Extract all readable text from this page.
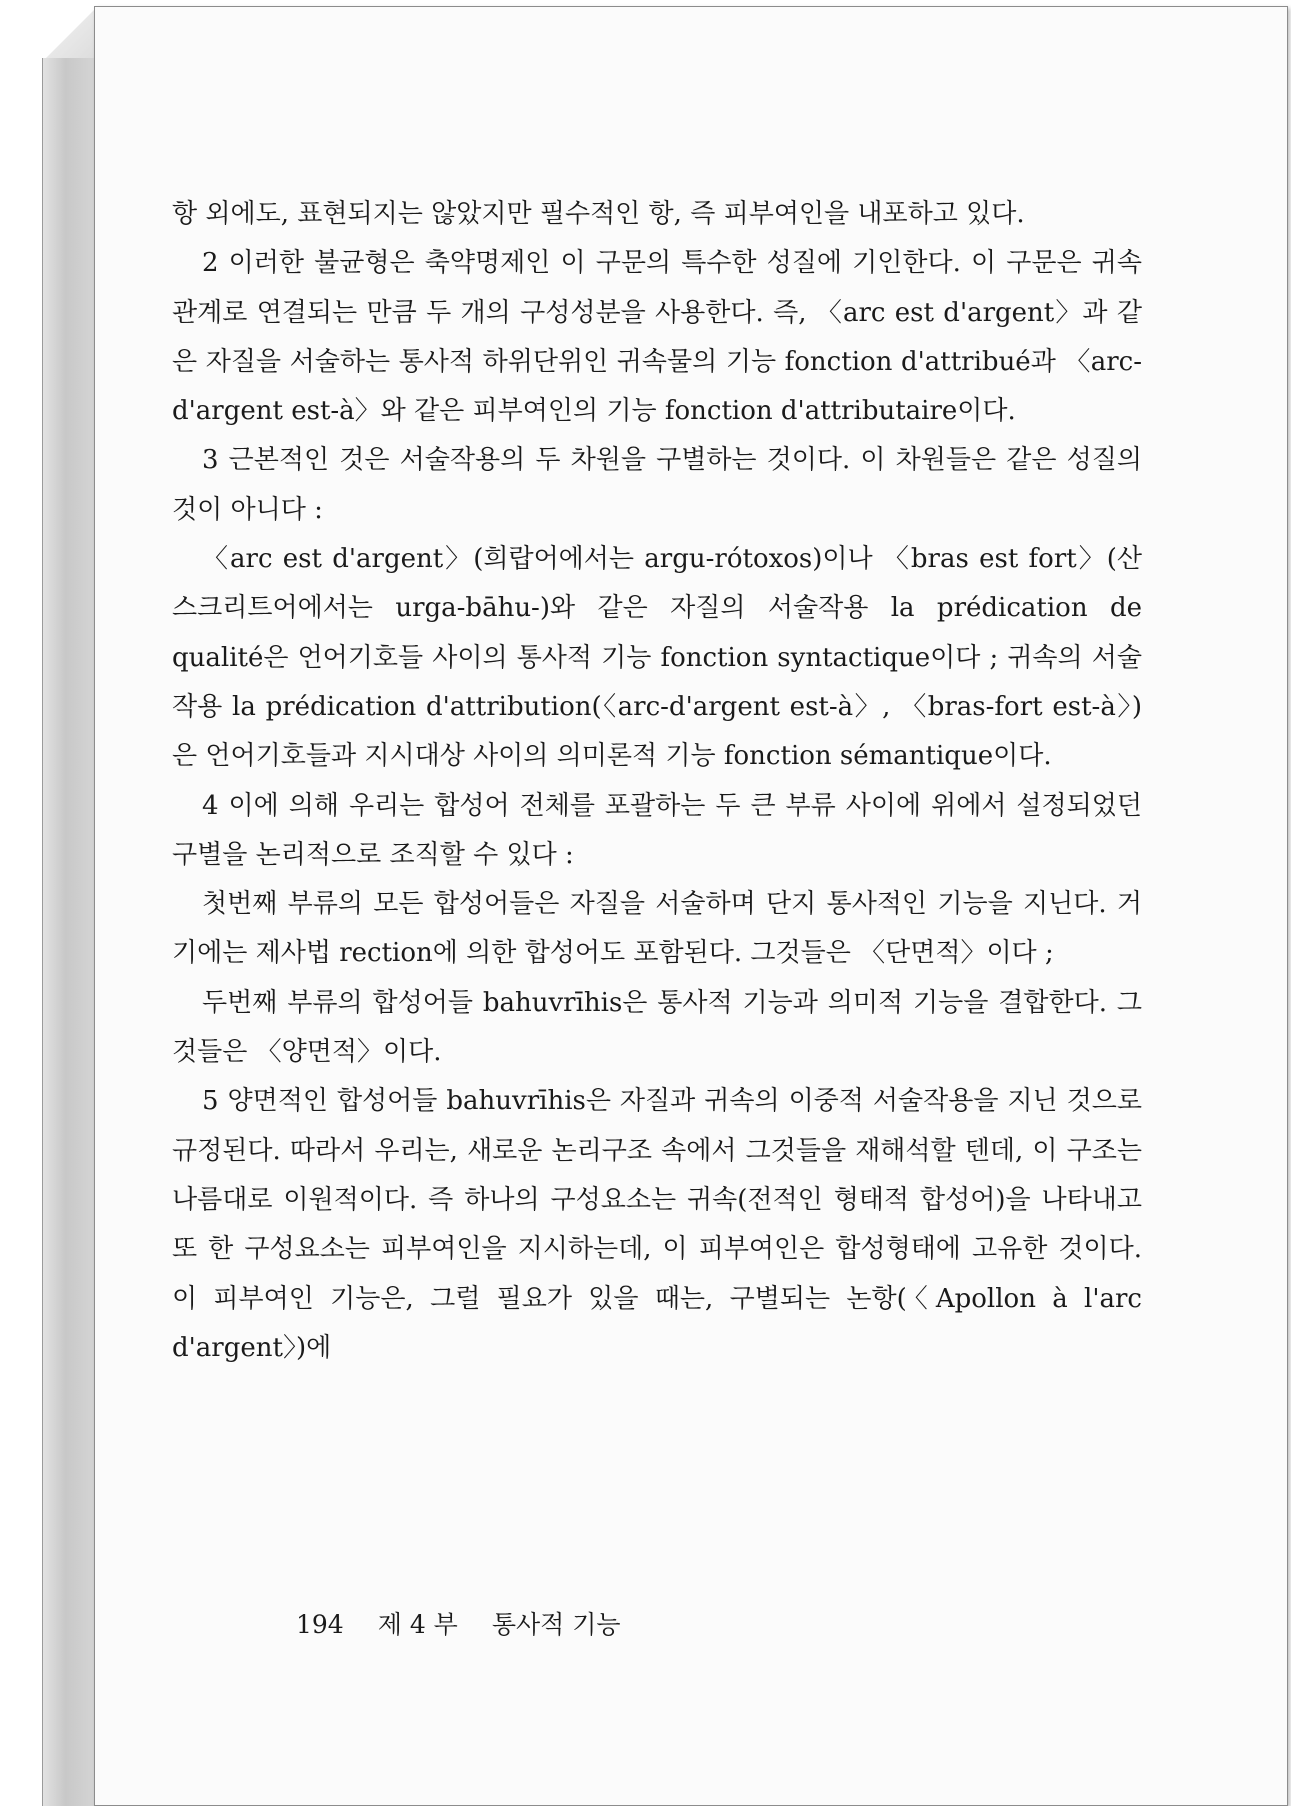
항 외에도, 표현되지는 않았지만 필수적인 항, 즉 피부여인을 내포하고 있다.

2 이러한 불균형은 축약명제인 이 구문의 특수한 성질에 기인한다. 이 구문은 귀속관계로 연결되는 만큼 두 개의 구성성분을 사용한다. 즉, 〈arc est d'argent〉과 같은 자질을 서술하는 통사적 하위단위인 귀속물의 기능 fonction d'attribué과 〈arc-d'argent est-à〉와 같은 피부여인의 기능 fonction d'attributaire이다.

3 근본적인 것은 서술작용의 두 차원을 구별하는 것이다. 이 차원들은 같은 성질의 것이 아니다 :

〈arc est d'argent〉(희랍어에서는 argu-rótoxos)이나 〈bras est fort〉(산스크리트어에서는 urga-bāhu-)와 같은 자질의 서술작용 la prédication de qualité은 언어기호들 사이의 통사적 기능 fonction syntactique이다 ; 귀속의 서술작용 la prédication d'attribution(〈arc-d'argent est-à〉, 〈bras-fort est-à〉)은 언어기호들과 지시대상 사이의 의미론적 기능 fonction sémantique이다.

4 이에 의해 우리는 합성어 전체를 포괄하는 두 큰 부류 사이에 위에서 설정되었던 구별을 논리적으로 조직할 수 있다 :

첫번째 부류의 모든 합성어들은 자질을 서술하며 단지 통사적인 기능을 지닌다. 거기에는 제사법 rection에 의한 합성어도 포함된다. 그것들은 〈단면적〉이다 ;

두번째 부류의 합성어들 bahuvrīhis은 통사적 기능과 의미적 기능을 결합한다. 그것들은 〈양면적〉이다.

5 양면적인 합성어들 bahuvrīhis은 자질과 귀속의 이중적 서술작용을 지닌 것으로 규정된다. 따라서 우리는, 새로운 논리구조 속에서 그것들을 재해석할 텐데, 이 구조는 나름대로 이원적이다. 즉 하나의 구성요소는 귀속(전적인 형태적 합성어)을 나타내고 또 한 구성요소는 피부여인을 지시하는데, 이 피부여인은 합성형태에 고유한 것이다. 이 피부여인 기능은, 그럴 필요가 있을 때는, 구별되는 논항(〈Apollon à l'arc d'argent〉)에

194 제 4 부 통사적 기능
